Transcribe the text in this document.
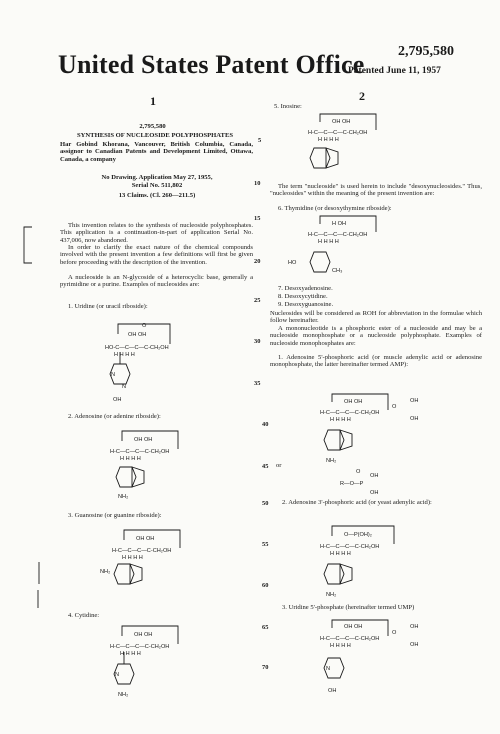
United States Patent Office 2,795,580
Patented June 11, 1957
1	2
2,795,580
SYNTHESIS OF NUCLEOSIDE POLYPHOSPHATES
Har Gobind Khorana, Vancouver, British Columbia, Canada, assignor to Canadian Patents and Development Limited, Ottawa, Canada, a company
No Drawing. Application May 27, 1955,
Serial No. 511,802
13 Claims. (Cl. 260—211.5)
This invention relates to the synthesis of nucleoside polyphosphates. This application is a continuation-in-part of application Serial No. 437,006, now abandoned.
In order to clarify the exact nature of the chemical compounds involved with the present invention a few definitions will first be given before proceeding with the description of the invention.
A nucleoside is an N-glycoside of a heterocyclic base, generally a pyrimidine or a purine. Examples of nucleosides are:
1. Uridine (or uracil riboside):
O
OH OH
HO-C—C—C—C-CH₂OH
H H H H
N
N
OH
2. Adenosine (or adenine riboside):
OH OH
H-C—C—C—C-CH₂OH
H H H H
NH₂
3. Guanosine (or guanine riboside):
OH OH
H-C—C—C—C-CH₂OH
H H H H
NH₂
4. Cytidine:
OH OH
H-C—C—C—C-CH₂OH
H H H H
N
NH₂
5
10
15
20
25
30
35
40
45
50
55
60
65
70
5. Inosine:
OH OH
H-C—C—C—C-CH₂OH
H H H H
The term "nucleoside" is used herein to include "desoxynucleosides." Thus, "nucleosides" within the meaning of the present invention are:
6. Thymidine (or desoxythymine riboside):
H OH
H-C—C—C—C-CH₂OH
H H H H
HO
CH₃
7. Desoxyadenosine.
8. Desoxycytidine.
9. Desoxyguanosine.
Nucleosides will be considered as ROH for abbreviation in the formulae which follow hereinafter.
A mononucleotide is a phosphoric ester of a nucleoside and may be a nucleoside monophosphate or a nucleoside polyphosphate. Examples of nucleoside monophosphates are:
1. Adenosine 5'-phosphoric acid (or muscle adenylic acid or adenosine monophosphate, the latter hereinafter termed AMP):
OH OH
H-C—C—C—C-CH₂OH
O
OH
OH
H H H H
NH₂
or
O
OH
R—O—P
OH
2. Adenosine 3'-phosphoric acid (or yeast adenylic acid):
O—P(OH)₂
H-C—C—C—C-CH₂OH
H H H H
NH₂
3. Uridine 5'-phosphate (hereinafter termed UMP)
OH OH
H-C—C—C—C-CH₂OH
O
OH
OH
H H H H
N
OH
